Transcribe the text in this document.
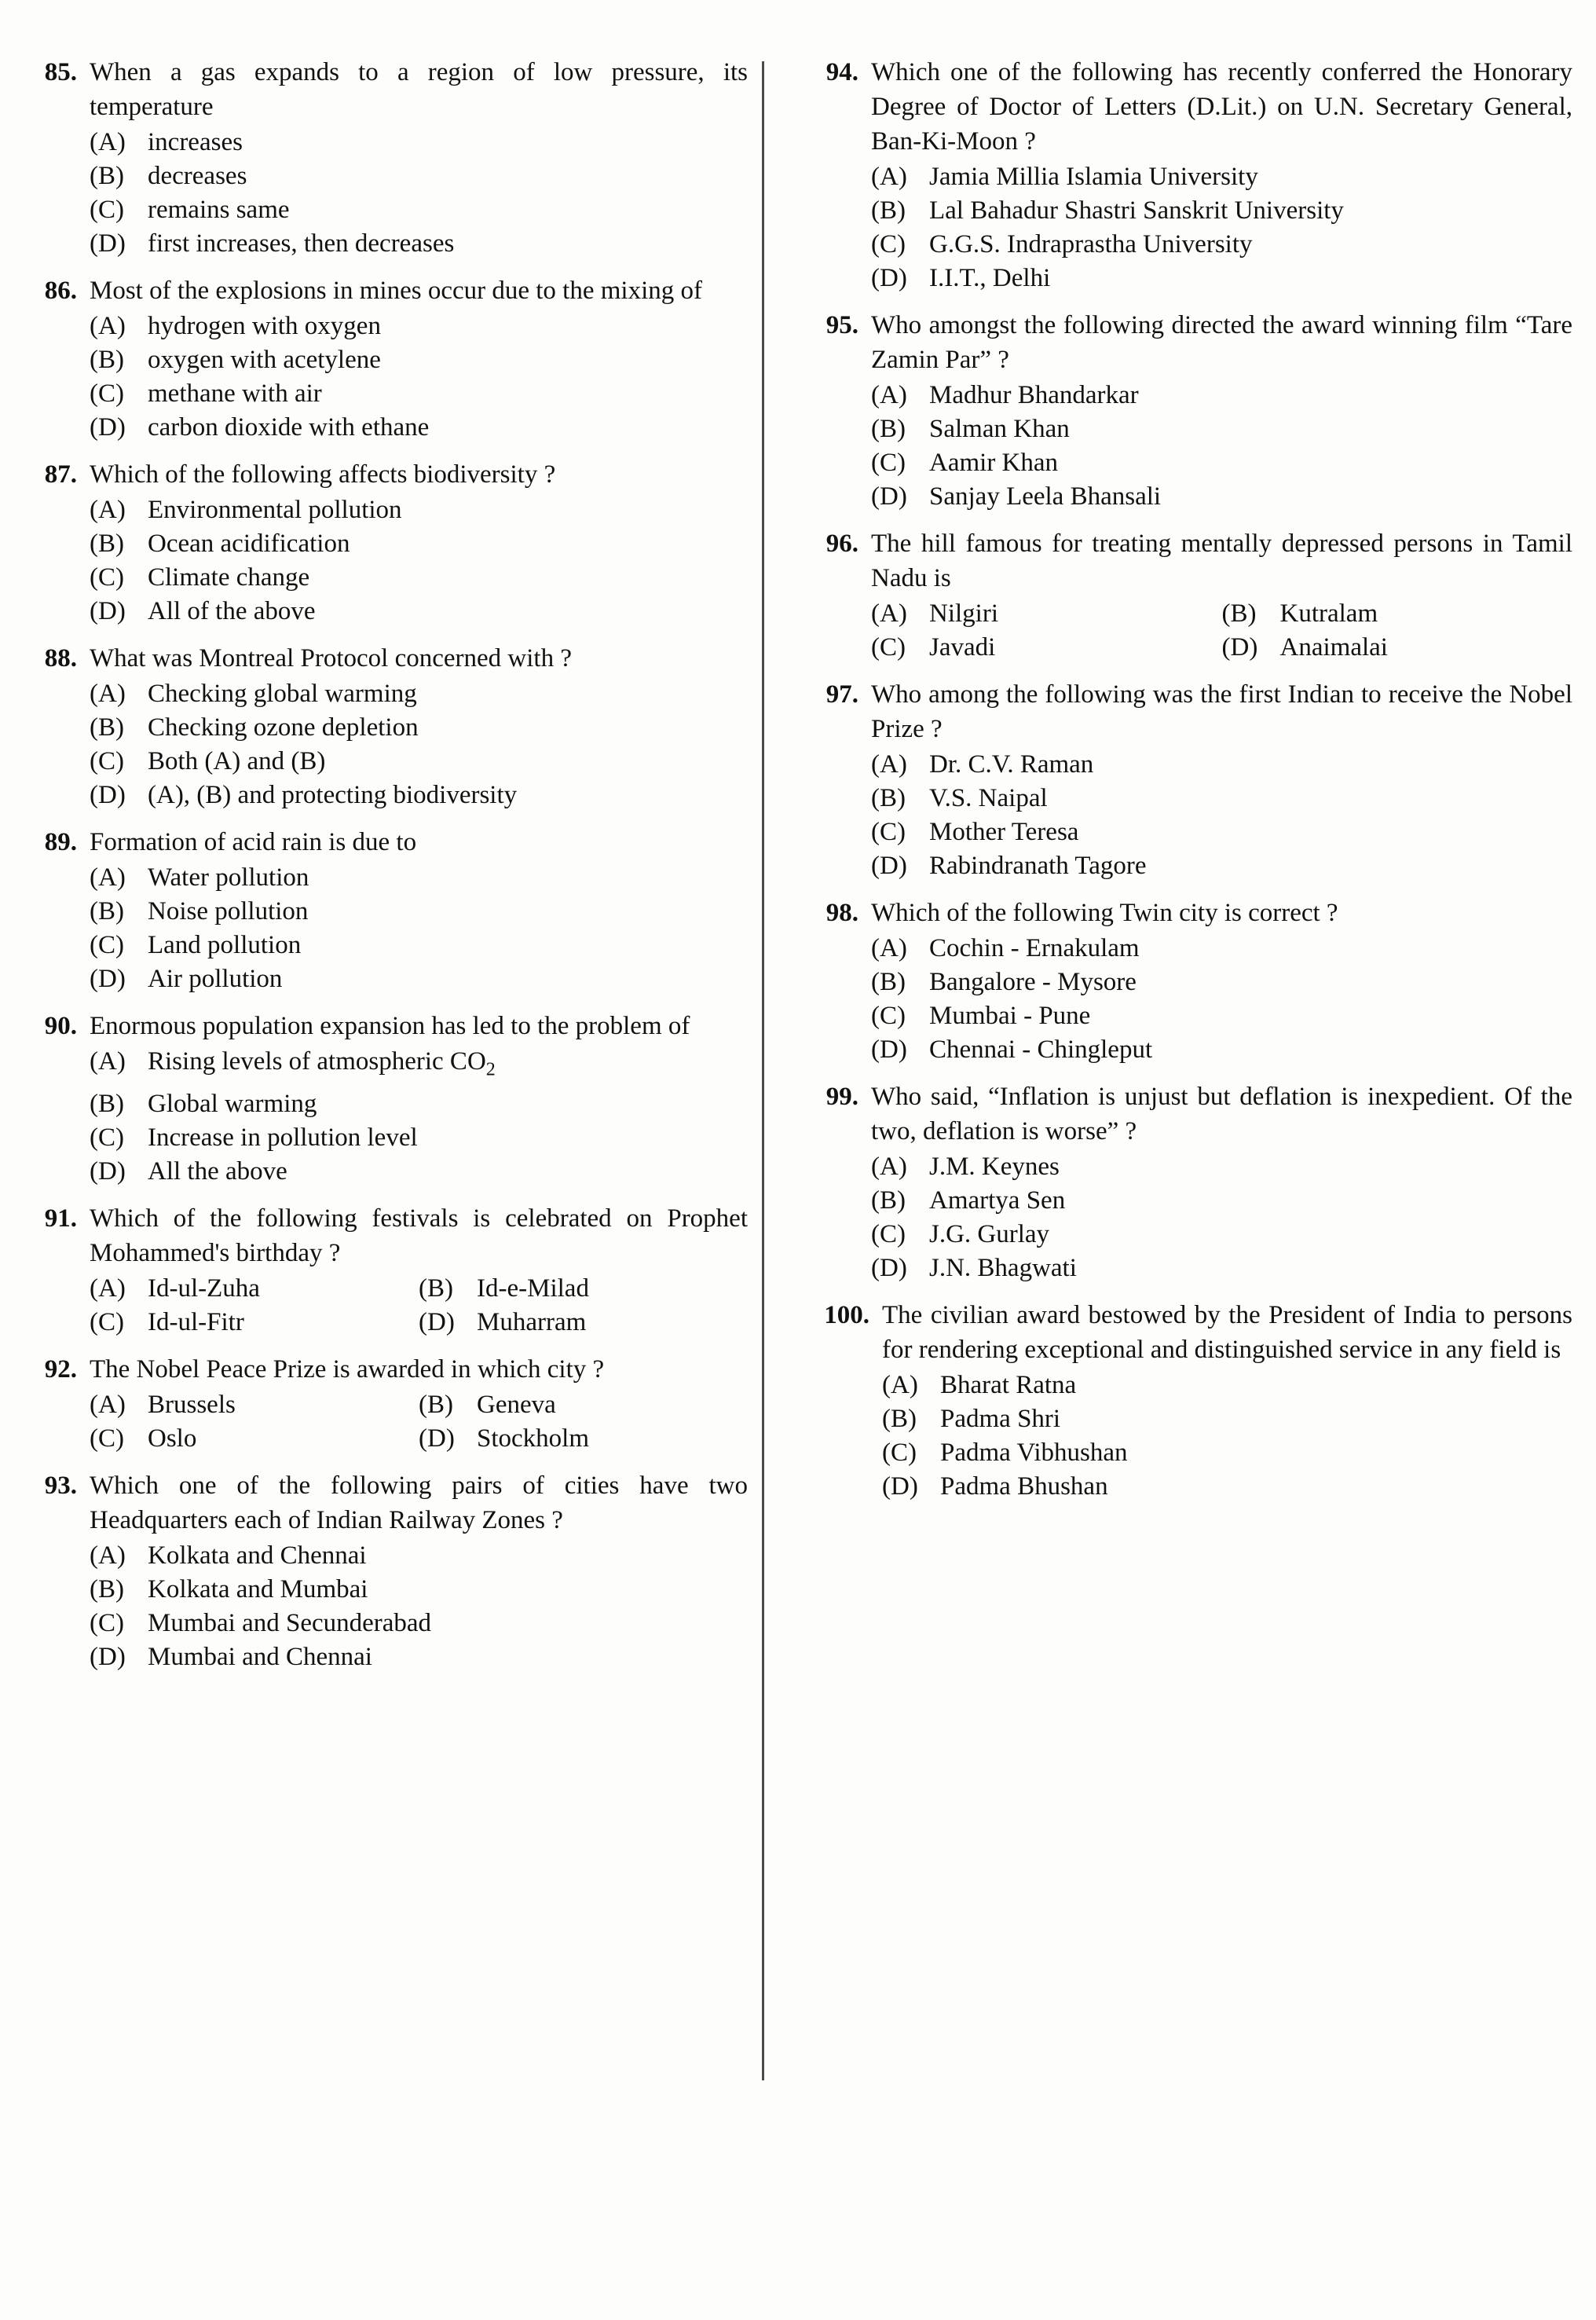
85. When a gas expands to a region of low pressure, its temperature

(A) increases
(B) decreases
(C) remains same
(D) first increases, then decreases
86. Most of the explosions in mines occur due to the mixing of

(A) hydrogen with oxygen
(B) oxygen with acetylene
(C) methane with air
(D) carbon dioxide with ethane
87. Which of the following affects biodiversity ?

(A) Environmental pollution
(B) Ocean acidification
(C) Climate change
(D) All of the above
88. What was Montreal Protocol concerned with ?

(A) Checking global warming
(B) Checking ozone depletion
(C) Both (A) and (B)
(D) (A), (B) and protecting biodiversity
89. Formation of acid rain is due to

(A) Water pollution
(B) Noise pollution
(C) Land pollution
(D) Air pollution
90. Enormous population expansion has led to the problem of

(A) Rising levels of atmospheric $CO_2$
(B) Global warming
(C) Increase in pollution level
(D) All the above
91. Which of the following festivals is celebrated on Prophet Mohammed's birthday ?

(A) Id-ul-Zuha	(B) Id-e-Milad
(C) Id-ul-Fitr	(D) Muharram
92. The Nobel Peace Prize is awarded in which city ?

(A) Brussels	(B) Geneva
(C) Oslo	(D) Stockholm
93. Which one of the following pairs of cities have two Headquarters each of Indian Railway Zones ?

(A) Kolkata and Chennai
(B) Kolkata and Mumbai
(C) Mumbai and Secunderabad
(D) Mumbai and Chennai
94. Which one of the following has recently conferred the Honorary Degree of Doctor of Letters (D.Lit.) on U.N. Secretary General, Ban-Ki-Moon ?

(A) Jamia Millia Islamia University
(B) Lal Bahadur Shastri Sanskrit University
(C) G.G.S. Indraprastha University
(D) I.I.T., Delhi
95. Who amongst the following directed the award winning film “Tare Zamin Par” ?

(A) Madhur Bhandarkar
(B) Salman Khan
(C) Aamir Khan
(D) Sanjay Leela Bhansali
96. The hill famous for treating mentally depressed persons in Tamil Nadu is

(A) Nilgiri	(B) Kutralam
(C) Javadi	(D) Anaimalai
97. Who among the following was the first Indian to receive the Nobel Prize ?

(A) Dr. C.V. Raman
(B) V.S. Naipal
(C) Mother Teresa
(D) Rabindranath Tagore
98. Which of the following Twin city is correct ?

(A) Cochin - Ernakulam
(B) Bangalore - Mysore
(C) Mumbai - Pune
(D) Chennai - Chingleput
99. Who said, “Inflation is unjust but deflation is inexpedient. Of the two, deflation is worse” ?

(A) J.M. Keynes
(B) Amartya Sen
(C) J.G. Gurlay
(D) J.N. Bhagwati
100. The civilian award bestowed by the President of India to persons for rendering exceptional and distinguished service in any field is

(A) Bharat Ratna
(B) Padma Shri
(C) Padma Vibhushan
(D) Padma Bhushan
